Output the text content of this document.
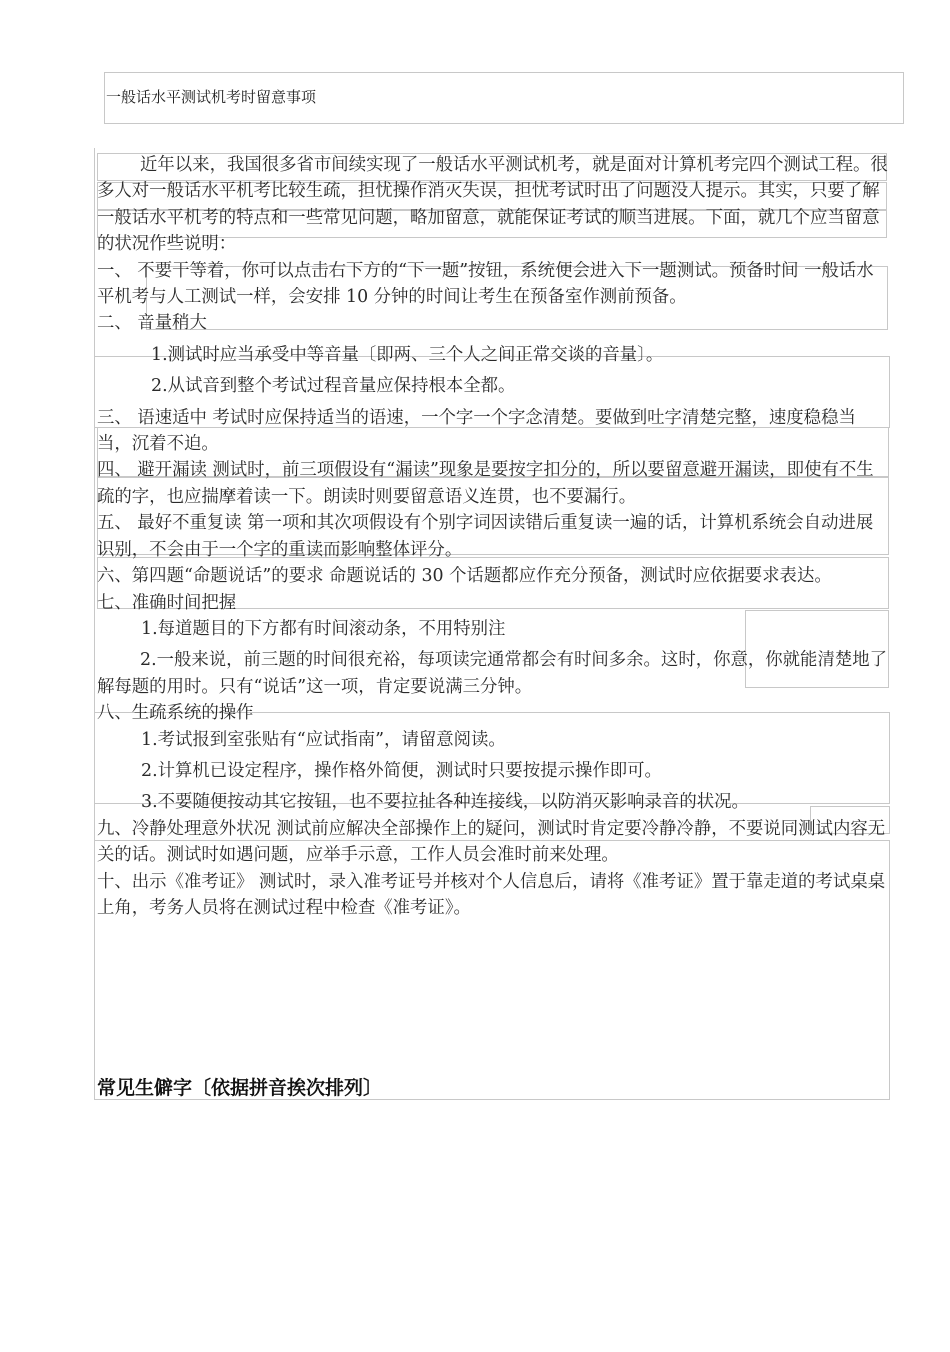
一般话水平测试机考时留意事项

近年以来，我国很多省市间续实现了一般话水平测试机考，就是面对计算机考完四个测试工程。很多人对一般话水平机考比较生疏，担忧操作消灭失误，担忧考试时出了问题没人提示。其实，只要了解一般话水平机考的特点和一些常见问题，略加留意，就能保证考试的顺当进展。下面，就几个应当留意的状况作些说明：

一、 不要干等着，你可以点击右下方的“下一题”按钮，系统便会进入下一题测试。预备时间 一般话水平机考与人工测试一样，会安排 10 分钟的时间让考生在预备室作测前预备。

二、 音量稍大

1.测试时应当承受中等音量〔即两、三个人之间正常交谈的音量〕。

2.从试音到整个考试过程音量应保持根本全都。

三、 语速适中 考试时应保持适当的语速，一个字一个字念清楚。要做到吐字清楚完整，速度稳稳当当，沉着不迫。

四、 避开漏读 测试时，前三项假设有“漏读”现象是要按字扣分的，所以要留意避开漏读，即使有不生疏的字，也应揣摩着读一下。朗读时则要留意语义连贯，也不要漏行。

五、 最好不重复读 第一项和其次项假设有个别字词因读错后重复读一遍的话，计算机系统会自动进展识别，不会由于一个字的重读而影响整体评分。

六、第四题“命题说话”的要求 命题说话的 30 个话题都应作充分预备，测试时应依据要求表达。

七、准确时间把握

1.每道题目的下方都有时间滚动条，不用特别注

2.一般来说，前三题的时间很充裕，每项读完通常都会有时间多余。这时，你意，你就能清楚地了解每题的用时。只有“说话”这一项，肯定要说满三分钟。

八、生疏系统的操作

1.考试报到室张贴有“应试指南”，请留意阅读。

2.计算机已设定程序，操作格外简便，测试时只要按提示操作即可。

3.不要随便按动其它按钮，也不要拉扯各种连接线，以防消灭影响录音的状况。

九、冷静处理意外状况 测试前应解决全部操作上的疑问，测试时肯定要冷静冷静，不要说同测试内容无关的话。测试时如遇问题，应举手示意，工作人员会准时前来处理。

十、出示《准考证》 测试时，录入准考证号并核对个人信息后，请将《准考证》置于靠走道的考试桌桌上角，考务人员将在测试过程中检查《准考证》。

常见生僻字〔依据拼音挨次排列〕
